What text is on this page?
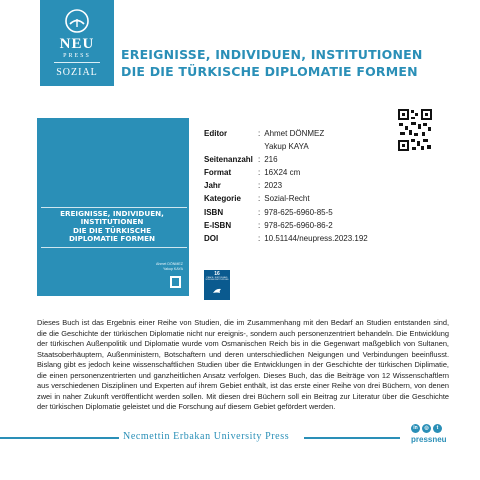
NEU
PRESS
SOZIAL
EREIGNISSE, INDIVIDUEN, INSTITUTIONEN DIE DIE TÜRKISCHE DIPLOMATIE FORMEN
EREIGNISSE, INDIVIDUEN,
INSTITUTIONEN
DIE DIE TÜRKISCHE
DIPLOMATIE FORMEN
Ahmet DÖNMEZ
Yakup KAYA
Editor	:
Ahmet DÖNMEZ

Yakup KAYA
Seitenanzahl :
216
Format	:
16X24 cm
Jahr	:
2023
Kategorie	:
Sozial-Recht
ISBN	:
978-625-6960-85-5
E-ISBN	:
978-625-6960-86-2
DOI	:
10.51144/neupress.2023.192
16
PEACE, JUSTICE AND STRONG INSTITUTIONS

Dieses Buch ist das Ergebnis einer Reihe von Studien, die im Zusammenhang mit den Bedarf an Studien entstanden sind, die die Geschichte der türkischen Diplomatie nicht nur ereignis-, sondern auch personenzentriert behandeln. Die Entwicklung der türkischen Außenpolitik und Diplomatie wurde vom Osmanischen Reich bis in die Gegenwart maßgeblich von Sultanen, Staatsoberhäuptern, Außenministern, Botschaftern und deren unterschiedlichen Neigungen und Verbindungen beeinflusst. Bislang gibt es jedoch keine wissenschaftlichen Studien über die Entwicklungen in der Geschichte der türkischen Diplimatie, die einen personenzentrierten und ganzheitlichen Ansatz verfolgen. Dieses Buch, das die Beiträge von 12 Wissenschaftlern aus verschiedenen Disziplinen und Experten auf ihrem Gebiet enthält, ist das erste einer Reihe von drei Büchern, von denen zwei in naher Zukunft veröffentlicht werden sollen. Mit diesen drei Büchern soll ein Beitrag zur Literatur über die Geschichte der türkischen Diplomatie geleistet und die Forschung auf diesem Gebiet gefördert werden.

Necmettin Erbakan University Press
in	◎	t
pressneu
